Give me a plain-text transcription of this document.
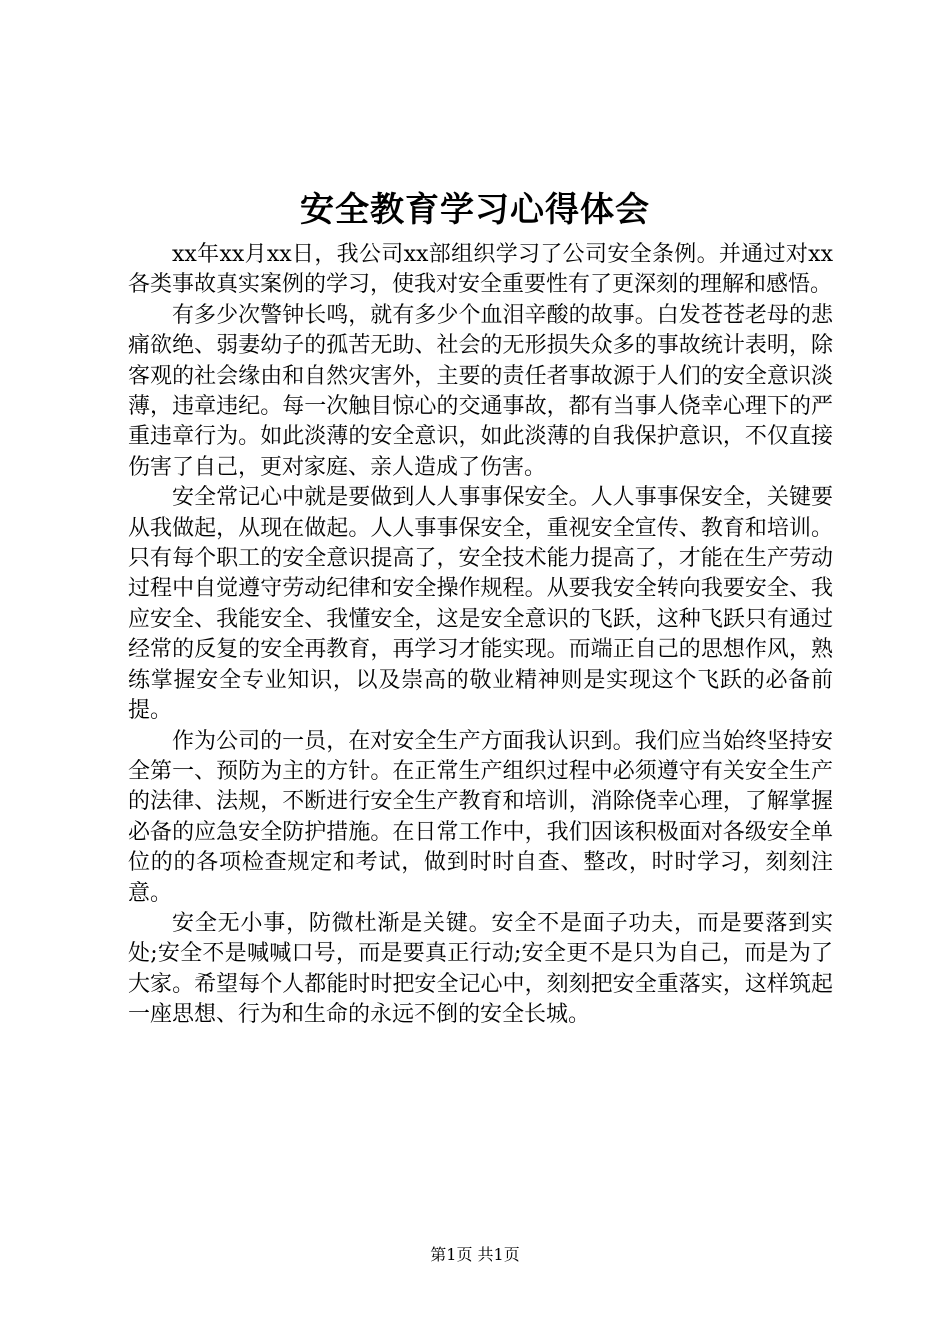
安全教育学习心得体会

xx年xx月xx日，我公司xx部组织学习了公司安全条例。并通过对xx各类事故真实案例的学习，使我对安全重要性有了更深刻的理解和感悟。

有多少次警钟长鸣，就有多少个血泪辛酸的故事。白发苍苍老母的悲痛欲绝、弱妻幼子的孤苦无助、社会的无形损失众多的事故统计表明，除客观的社会缘由和自然灾害外，主要的责任者事故源于人们的安全意识淡薄，违章违纪。每一次触目惊心的交通事故，都有当事人侥幸心理下的严重违章行为。如此淡薄的安全意识，如此淡薄的自我保护意识，不仅直接伤害了自己，更对家庭、亲人造成了伤害。

安全常记心中就是要做到人人事事保安全。人人事事保安全，关键要从我做起，从现在做起。人人事事保安全，重视安全宣传、教育和培训。只有每个职工的安全意识提高了，安全技术能力提高了，才能在生产劳动过程中自觉遵守劳动纪律和安全操作规程。从要我安全转向我要安全、我应安全、我能安全、我懂安全，这是安全意识的飞跃，这种飞跃只有通过经常的反复的安全再教育，再学习才能实现。而端正自己的思想作风，熟练掌握安全专业知识，以及崇高的敬业精神则是实现这个飞跃的必备前提。

作为公司的一员，在对安全生产方面我认识到。我们应当始终坚持安全第一、预防为主的方针。在正常生产组织过程中必须遵守有关安全生产的法律、法规，不断进行安全生产教育和培训，消除侥幸心理，了解掌握必备的应急安全防护措施。在日常工作中，我们因该积极面对各级安全单位的的各项检查规定和考试，做到时时自查、整改，时时学习，刻刻注意。

安全无小事，防微杜渐是关键。安全不是面子功夫，而是要落到实处;安全不是喊喊口号，而是要真正行动;安全更不是只为自己，而是为了大家。希望每个人都能时时把安全记心中，刻刻把安全重落实，这样筑起一座思想、行为和生命的永远不倒的安全长城。

第1页 共1页
